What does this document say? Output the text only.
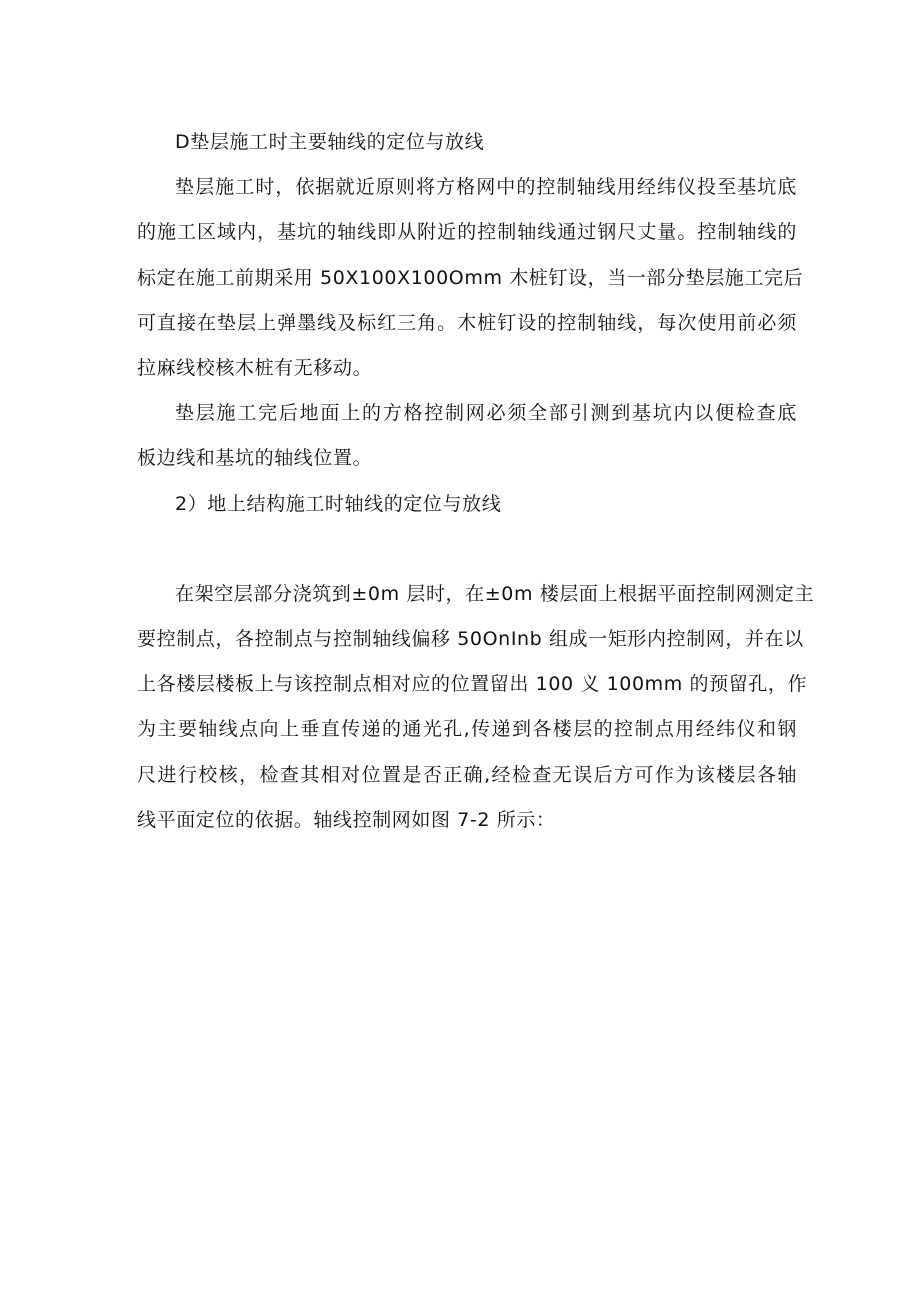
D垫层施工时主要轴线的定位与放线
垫层施工时，依据就近原则将方格网中的控制轴线用经纬仪投至基坑底
的施工区域内，基坑的轴线即从附近的控制轴线通过钢尺丈量。控制轴线的
标定在施工前期采用 50X100X100Omm 木桩钉设，当一部分垫层施工完后
可直接在垫层上弹墨线及标红三角。木桩钉设的控制轴线，每次使用前必须
拉麻线校核木桩有无移动。
垫层施工完后地面上的方格控制网必须全部引测到基坑内以便检查底
板边线和基坑的轴线位置。
2）地上结构施工时轴线的定位与放线
在架空层部分浇筑到±0m 层时，在±0m 楼层面上根据平面控制网测定主
要控制点，各控制点与控制轴线偏移 50OnInb 组成一矩形内控制网，并在以
上各楼层楼板上与该控制点相对应的位置留出 100 义 100mm 的预留孔，作
为主要轴线点向上垂直传递的通光孔,传递到各楼层的控制点用经纬仪和钢
尺进行校核，检查其相对位置是否正确,经检查无误后方可作为该楼层各轴
线平面定位的依据。轴线控制网如图 7-2 所示：
